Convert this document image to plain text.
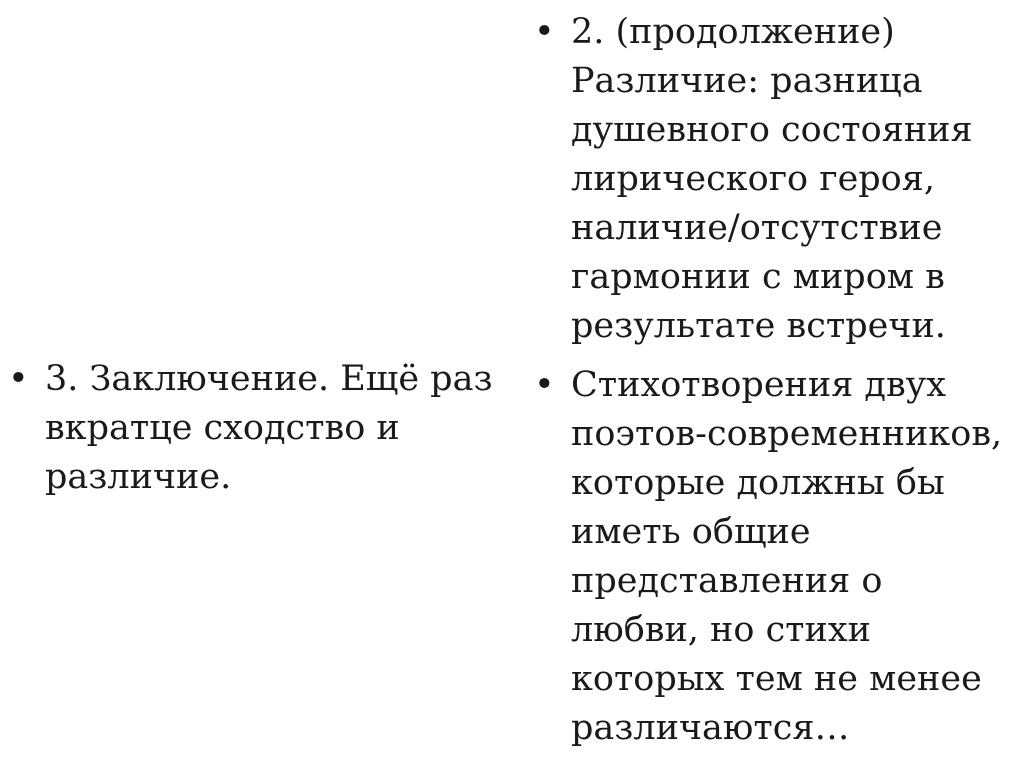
• 3. Заключение. Ещё раз
вкратце сходство и
различие.
• 2. (продолжение)
Различие: разница
душевного состояния
лирического героя,
наличие/отсутствие
гармонии с миром в
результате встречи.
• Стихотворения двух
поэтов-современников,
которые должны бы
иметь общие
представления о
любви, но стихи
которых тем не менее
различаются…
